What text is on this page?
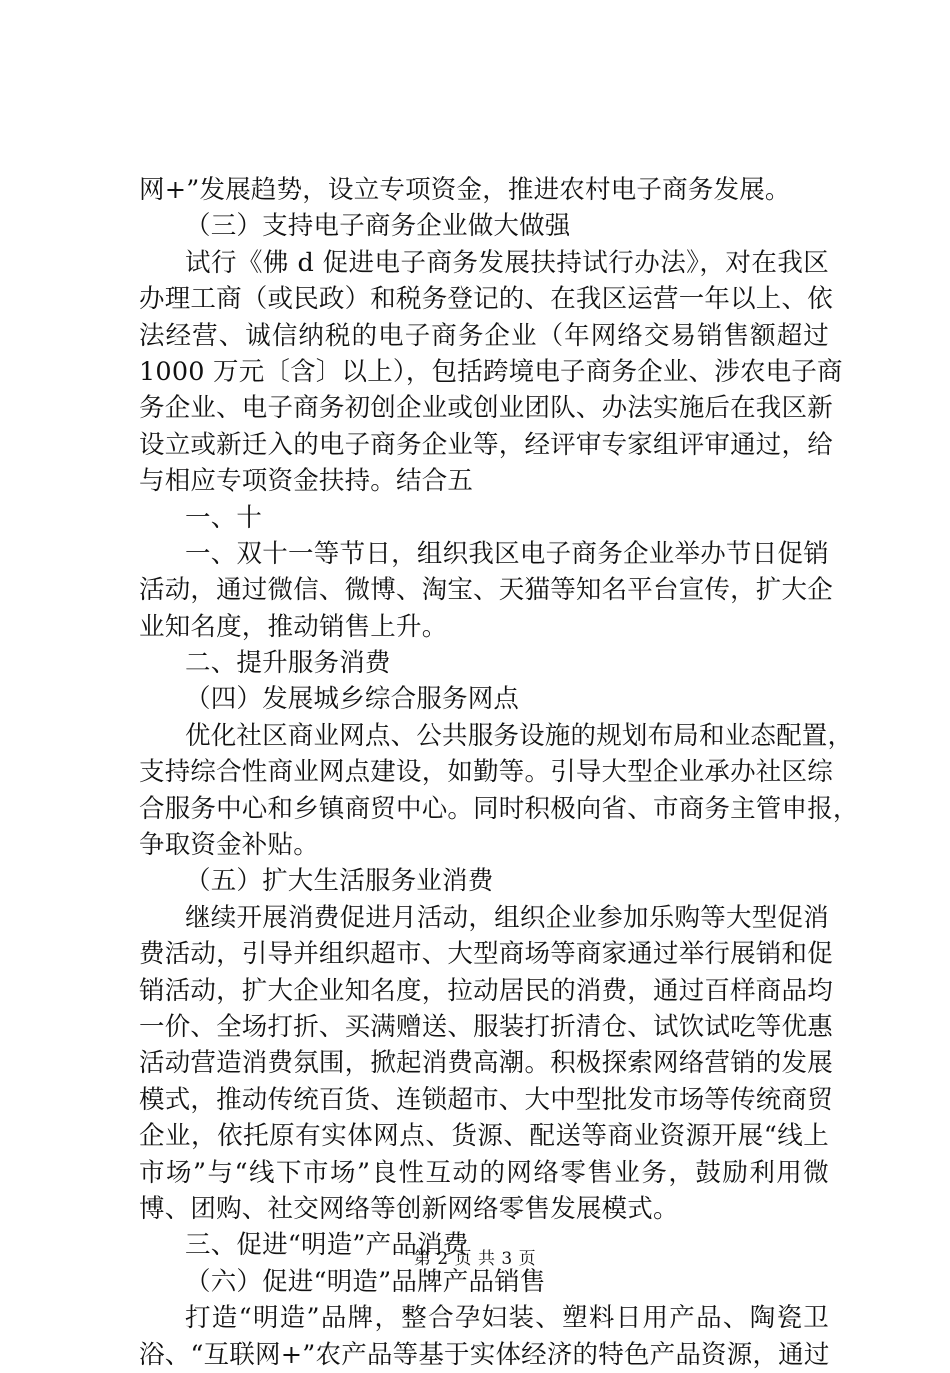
网+”发展趋势，设立专项资金，推进农村电子商务发展。
（三）支持电子商务企业做大做强
试行《佛 d 促进电子商务发展扶持试行办法》，对在我区
办理工商（或民政）和税务登记的、在我区运营一年以上、依
法经营、诚信纳税的电子商务企业（年网络交易销售额超过
1000 万元〔含〕以上），包括跨境电子商务企业、涉农电子商
务企业、电子商务初创企业或创业团队、办法实施后在我区新
设立或新迁入的电子商务企业等，经评审专家组评审通过，给
与相应专项资金扶持。结合五
一、十
一、双十一等节日，组织我区电子商务企业举办节日促销
活动，通过微信、微博、淘宝、天猫等知名平台宣传，扩大企
业知名度，推动销售上升。
二、提升服务消费
（四）发展城乡综合服务网点
优化社区商业网点、公共服务设施的规划布局和业态配置，
支持综合性商业网点建设，如勤等。引导大型企业承办社区综
合服务中心和乡镇商贸中心。同时积极向省、市商务主管申报，
争取资金补贴。
（五）扩大生活服务业消费
继续开展消费促进月活动，组织企业参加乐购等大型促消
费活动，引导并组织超市、大型商场等商家通过举行展销和促
销活动，扩大企业知名度，拉动居民的消费，通过百样商品均
一价、全场打折、买满赠送、服装打折清仓、试饮试吃等优惠
活动营造消费氛围，掀起消费高潮。积极探索网络营销的发展
模式，推动传统百货、连锁超市、大中型批发市场等传统商贸
企业，依托原有实体网点、货源、配送等商业资源开展“线上
市场”与“线下市场”良性互动的网络零售业务，鼓励利用微
博、团购、社交网络等创新网络零售发展模式。
三、促进“明造”产品消费
（六）促进“明造”品牌产品销售
打造“明造”品牌，整合孕妇装、塑料日用产品、陶瓷卫
浴、“互联网+”农产品等基于实体经济的特色产品资源，通过
第 2 页 共 3 页
